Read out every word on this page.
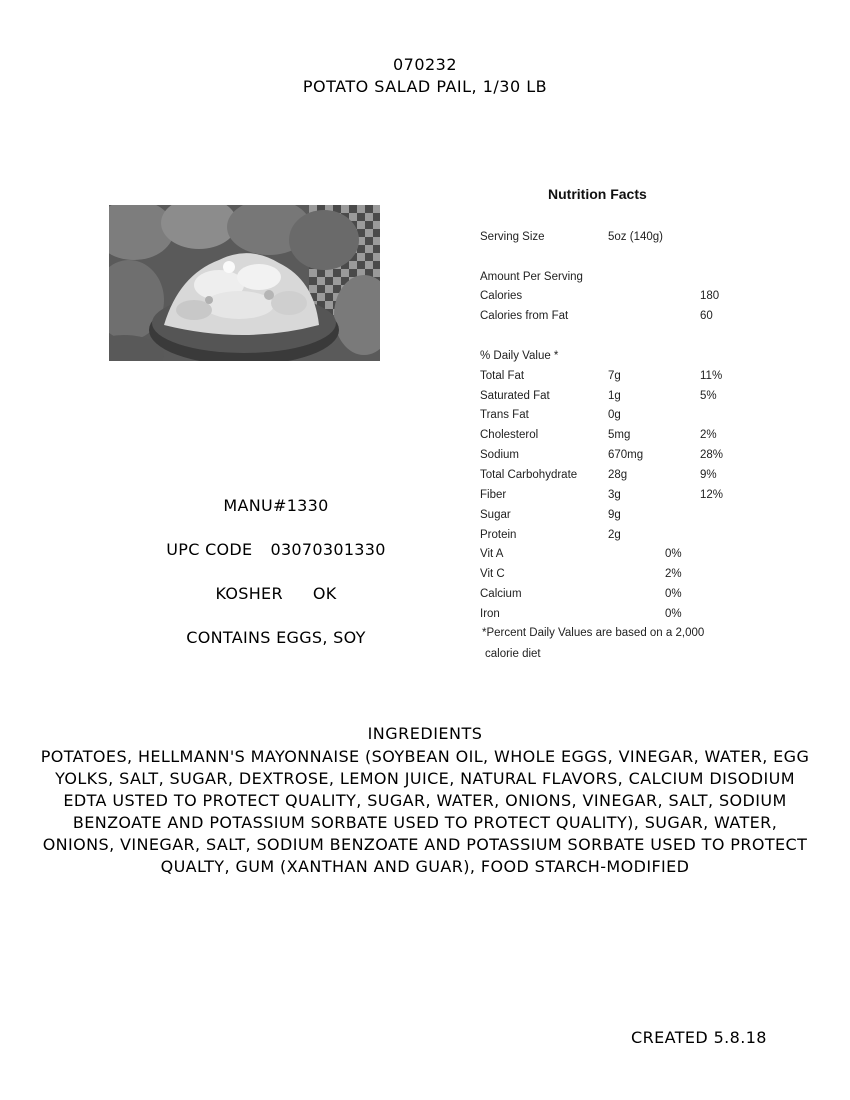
070232
POTATO SALAD PAIL, 1/30 LB
MANU#1330
UPC CODE 03070301330
KOSHER OK
CONTAINS EGGS, SOY
Nutrition Facts
Serving Size	5oz (140g)
Amount Per Serving
Calories	180
Calories from Fat	60
% Daily Value *
Total Fat	7g	11%
Saturated Fat	1g	5%
Trans Fat	0g
Cholesterol	5mg	2%
Sodium	670mg	28%
Total Carbohydrate	28g	9%
Fiber	3g	12%
Sugar	9g
Protein	2g
Vit A	0%
Vit C	2%
Calcium	0%
Iron	0%
*Percent Daily Values are based on a 2,000
calorie diet
INGREDIENTS
POTATOES, HELLMANN'S MAYONNAISE (SOYBEAN OIL, WHOLE EGGS, VINEGAR, WATER, EGG YOLKS, SALT, SUGAR, DEXTROSE, LEMON JUICE, NATURAL FLAVORS, CALCIUM DISODIUM EDTA USTED TO PROTECT QUALITY, SUGAR, WATER, ONIONS, VINEGAR, SALT, SODIUM BENZOATE AND POTASSIUM SORBATE USED TO PROTECT QUALITY), SUGAR, WATER, ONIONS, VINEGAR, SALT, SODIUM BENZOATE AND POTASSIUM SORBATE USED TO PROTECT QUALTY, GUM (XANTHAN AND GUAR), FOOD STARCH-MODIFIED
CREATED 5.8.18
